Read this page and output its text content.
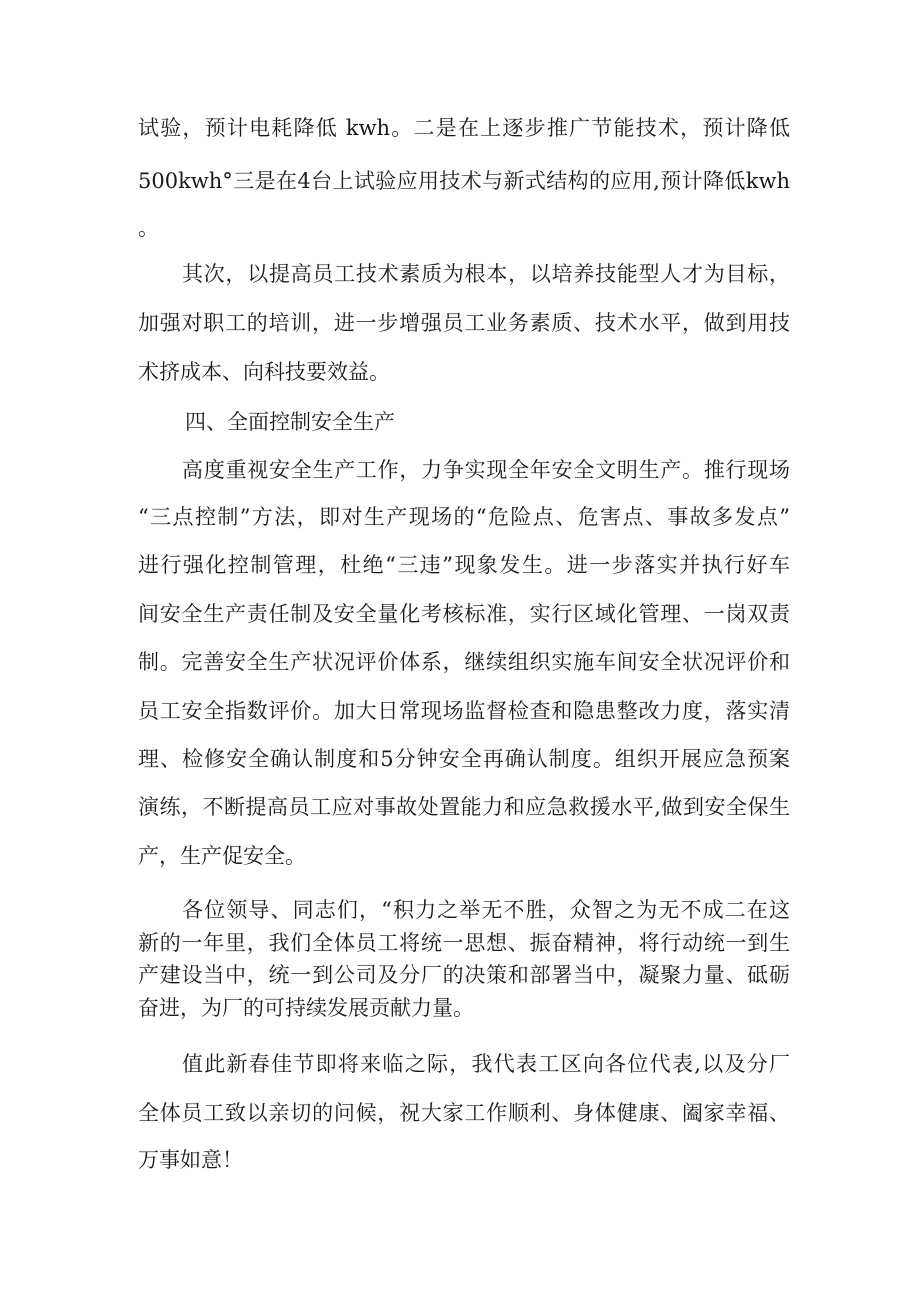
试验，预计电耗降低 kwh。二是在上逐步推广节能技术，预计降低
500kwh°三是在4台上试验应用技术与新式结构的应用,预计降低kwh
。
其次，以提高员工技术素质为根本，以培养技能型人才为目标，
加强对职工的培训，进一步增强员工业务素质、技术水平，做到用技
术挤成本、向科技要效益。
四、全面控制安全生产
高度重视安全生产工作，力争实现全年安全文明生产。推行现场
“三点控制”方法，即对生产现场的“危险点、危害点、事故多发点”
进行强化控制管理，杜绝“三违”现象发生。进一步落实并执行好车
间安全生产责任制及安全量化考核标准，实行区域化管理、一岗双责
制。完善安全生产状况评价体系，继续组织实施车间安全状况评价和
员工安全指数评价。加大日常现场监督检查和隐患整改力度，落实清
理、检修安全确认制度和5分钟安全再确认制度。组织开展应急预案
演练，不断提高员工应对事故处置能力和应急救援水平,做到安全保生
产，生产促安全。
各位领导、同志们，“积力之举无不胜，众智之为无不成二在这
新的一年里，我们全体员工将统一思想、振奋精神，将行动统一到生
产建设当中，统一到公司及分厂的决策和部署当中，凝聚力量、砥砺
奋进，为厂的可持续发展贡献力量。
值此新春佳节即将来临之际，我代表工区向各位代表,以及分厂
全体员工致以亲切的问候，祝大家工作顺利、身体健康、阖家幸福、
万事如意！
